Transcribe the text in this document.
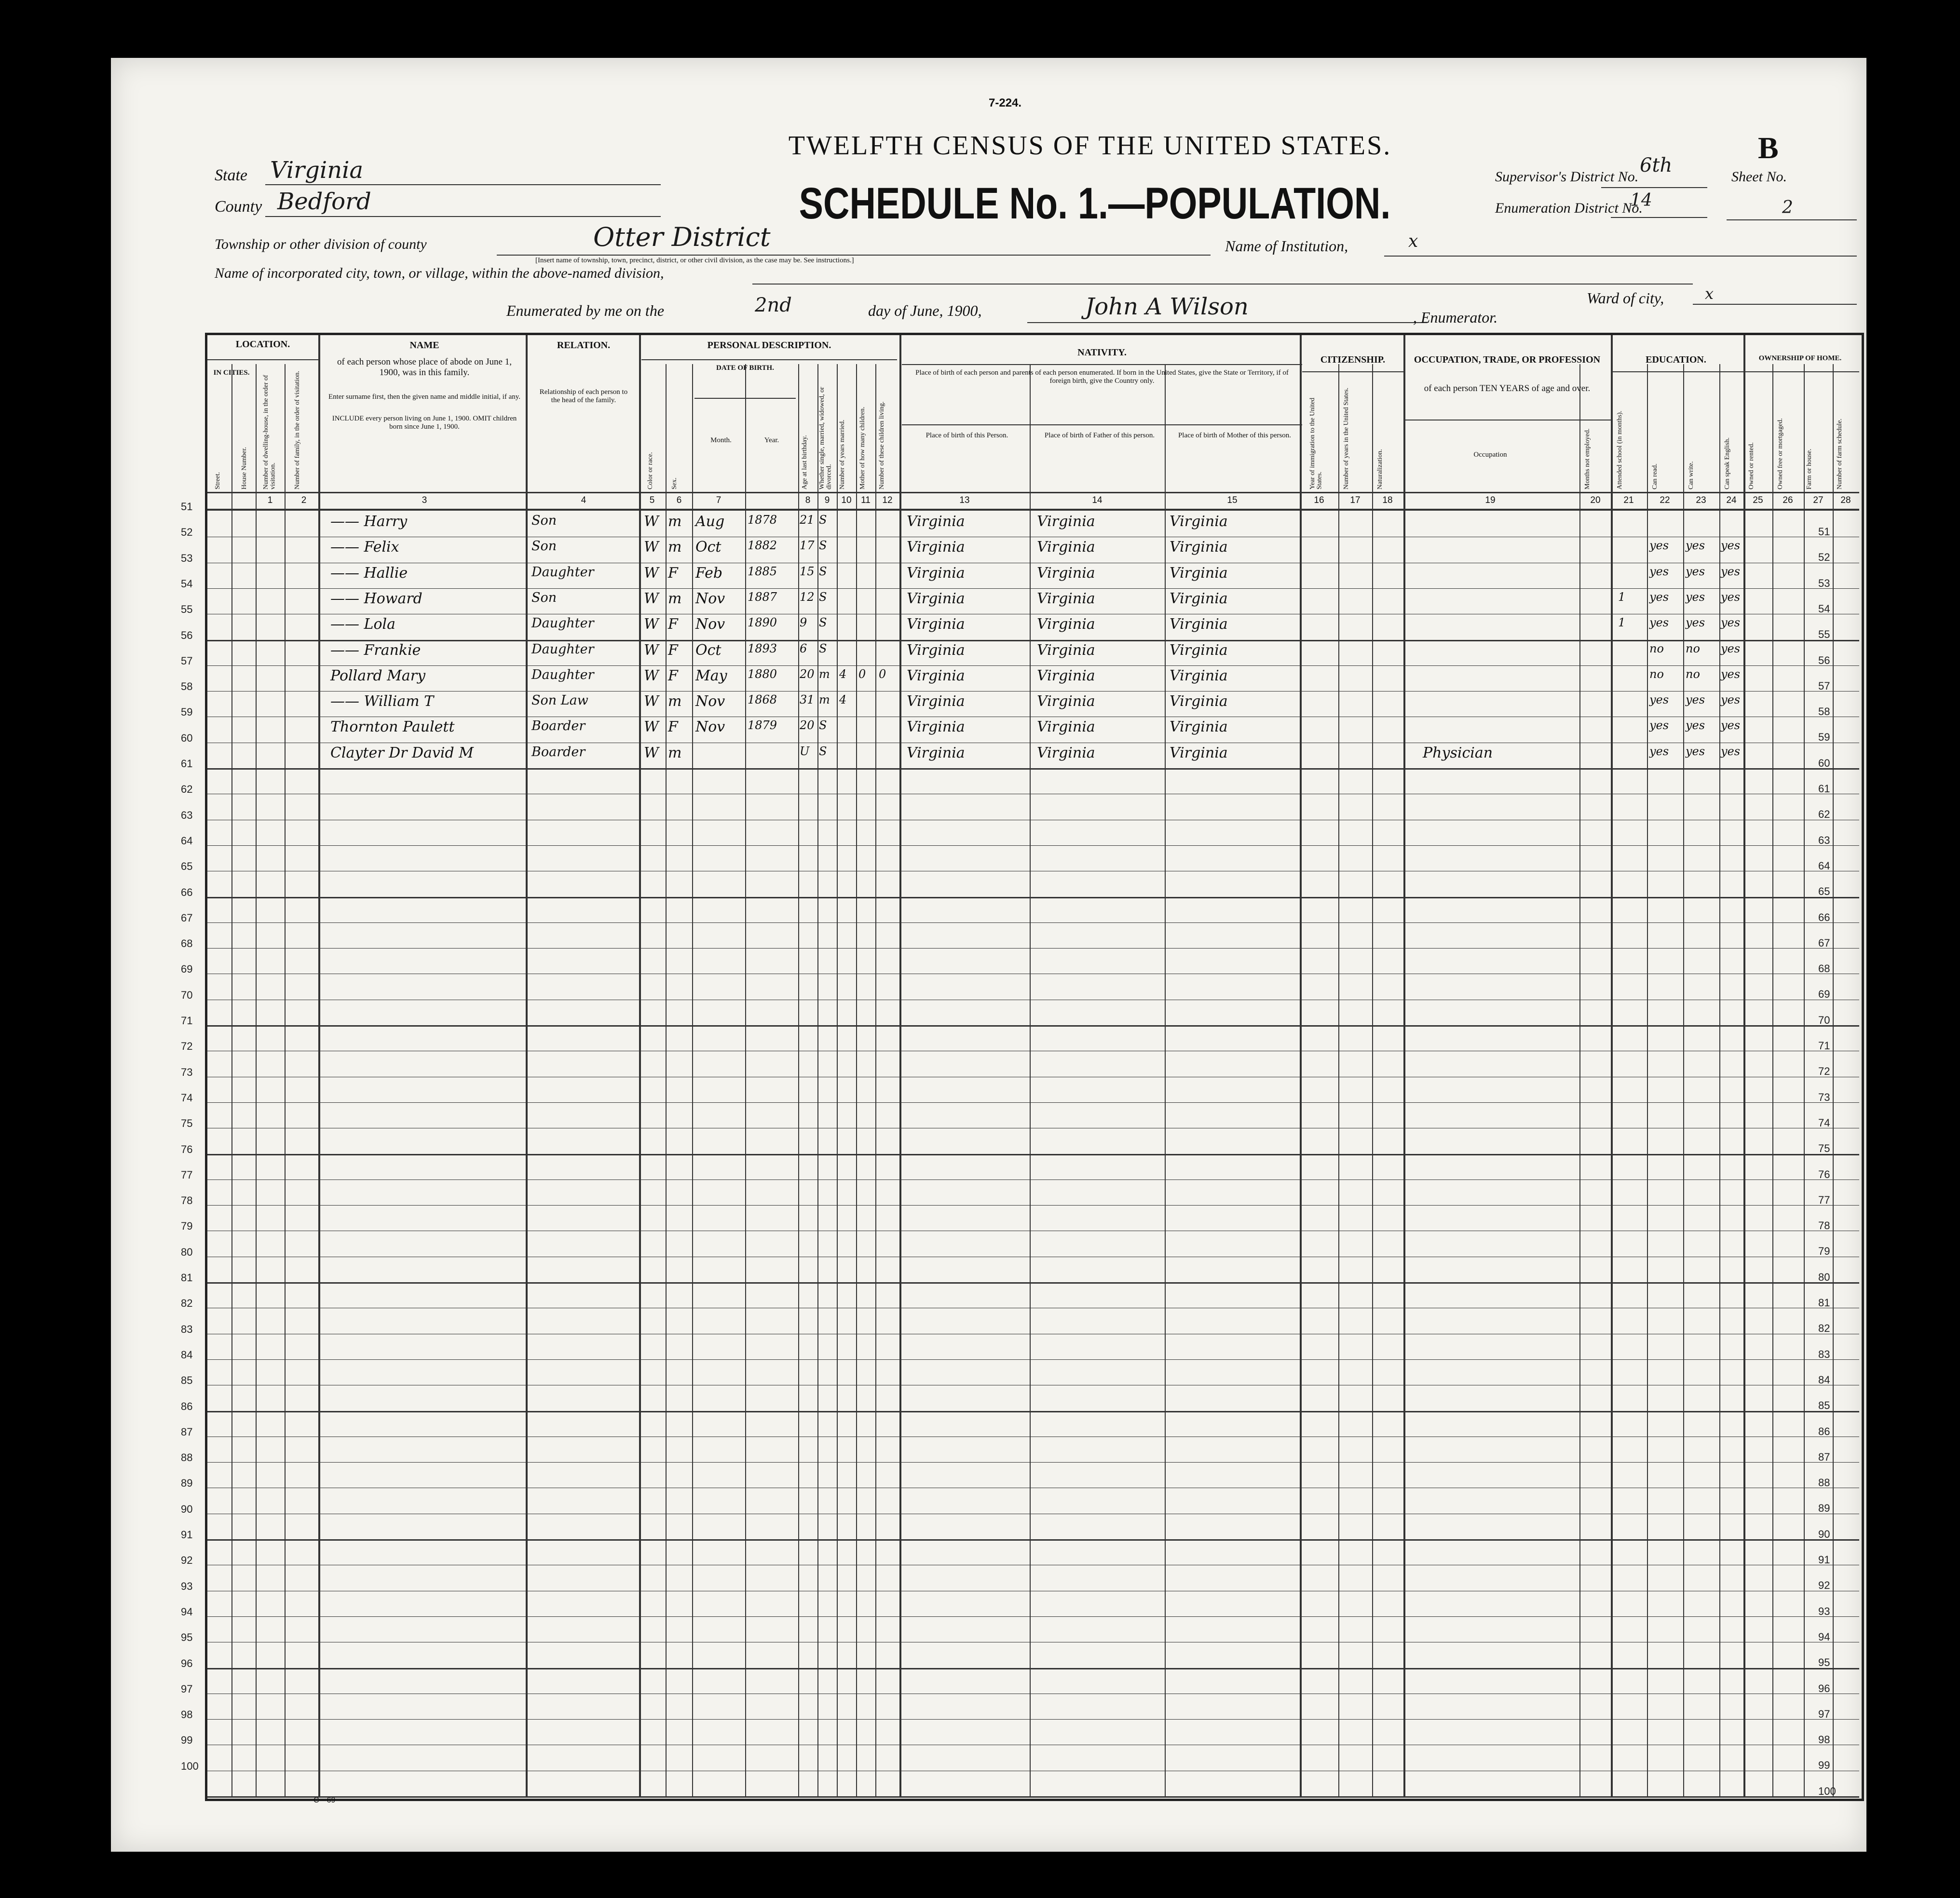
7-224.
TWELFTH CENSUS OF THE UNITED STATES.
SCHEDULE No. 1.—POPULATION.
B
State Virginia
County Bedford
Township or other division of county	Otter District
[Insert name of township, town, precinct, district, or other civil division, as the case may be. See instructions.]
Name of Institution,	x
Name of incorporated city, town, or village, within the above-named division,
Ward of city,	x
Enumerated by me on the	2nd	day of June, 1900,	John A Wilson	, Enumerator.
Supervisor's District No.
6th
Enumeration District No.
14
Sheet No.
2
LOCATION.
IN CITIES.
NAME
of each person whose place of abode on June 1, 1900, was in this family.
Enter surname first, then the given name and middle initial, if any.
INCLUDE every person living on June 1, 1900. OMIT children born since June 1, 1900.
RELATION.
Relationship of each person to the head of the family.
PERSONAL DESCRIPTION.
DATE OF BIRTH.
Month.	Year.
NATIVITY.
Place of birth of each person and parents of each person enumerated. If born in the United States, give the State or Territory, if of foreign birth, give the Country only.
Place of birth of this Person.	Place of birth of Father of this person.	Place of birth of Mother of this person.
CITIZENSHIP.	OCCUPATION, TRADE, OR PROFESSION
of each person TEN YEARS of age and over.
Occupation
EDUCATION.	OWNERSHIP OF HOME.
Street.	House Number. Number of dwelling-house, in the order of visitation.	Number of family, in the order of visitation.	Color or race.	Sex.	Age at last birthday. Whether single, married, widowed, or divorced. Number of years married. Mother of how many children. Number of these children living.	Year of immigration to the United States.	Number of years in the United States.	Naturalization.	Months not employed.	Attended school (in months).	Can read.	Can write.	Can speak English.	Owned or rented.	Owned free or mortgaged.	Farm or house.	Number of farm schedule.
1	2	3	4	5	6	7	8	9	10 11 12	13	14	15	16	17 18	19	20	21	22	23 24 25 26 27 28
—— Harry	Son	W m Aug 1878 21 S	Virginia	Virginia	Virginia
—— Felix	Son	W m Oct 1882 17 S	Virginia	Virginia	Virginia	yes yes yes
—— Hallie	Daughter	W F Feb 1885 15 S	Virginia	Virginia	Virginia	yes yes yes
—— Howard	Son	W m Nov 1887 12 S	Virginia	Virginia	Virginia	1 yes yes yes
—— Lola	Daughter	W F Nov 1890 9 S	Virginia	Virginia	Virginia	1 yes yes yes
—— Frankie	Daughter	W F Oct 1893 6 S	Virginia	Virginia	Virginia	no no yes
Pollard Mary	Daughter	W F May 1880 20 m 4 0 0 Virginia	Virginia	Virginia	no no yes
—— William T	Son Law	W m Nov 1868 31 m 4	Virginia	Virginia	Virginia	yes yes yes
Thornton Paulett	Boarder	W F Nov 1879 20 S	Virginia	Virginia	Virginia	yes yes yes
Clayter Dr David M	Boarder	W m	U S	Virginia	Virginia	Virginia	Physician	yes yes yes
51
52
53
54
55
56
57
58
59
60
61
62
63
64
65
66
67
68
69
70
71
72
73
74
75
76
77
78
79
80
81
82
83
84
85
86
87
88
89
90
91
92
93
94
95
96
97
98
99
100
51
52
53
54
55
56
57
58
59
60
61
62
63
64
65
66
67
68
69
70
71
72
73
74
75
76
77
78
79
80
81
82
83
84
85
86
87
88
89
90
91
92
93
94
95
96
97
98
99
100
C—69
